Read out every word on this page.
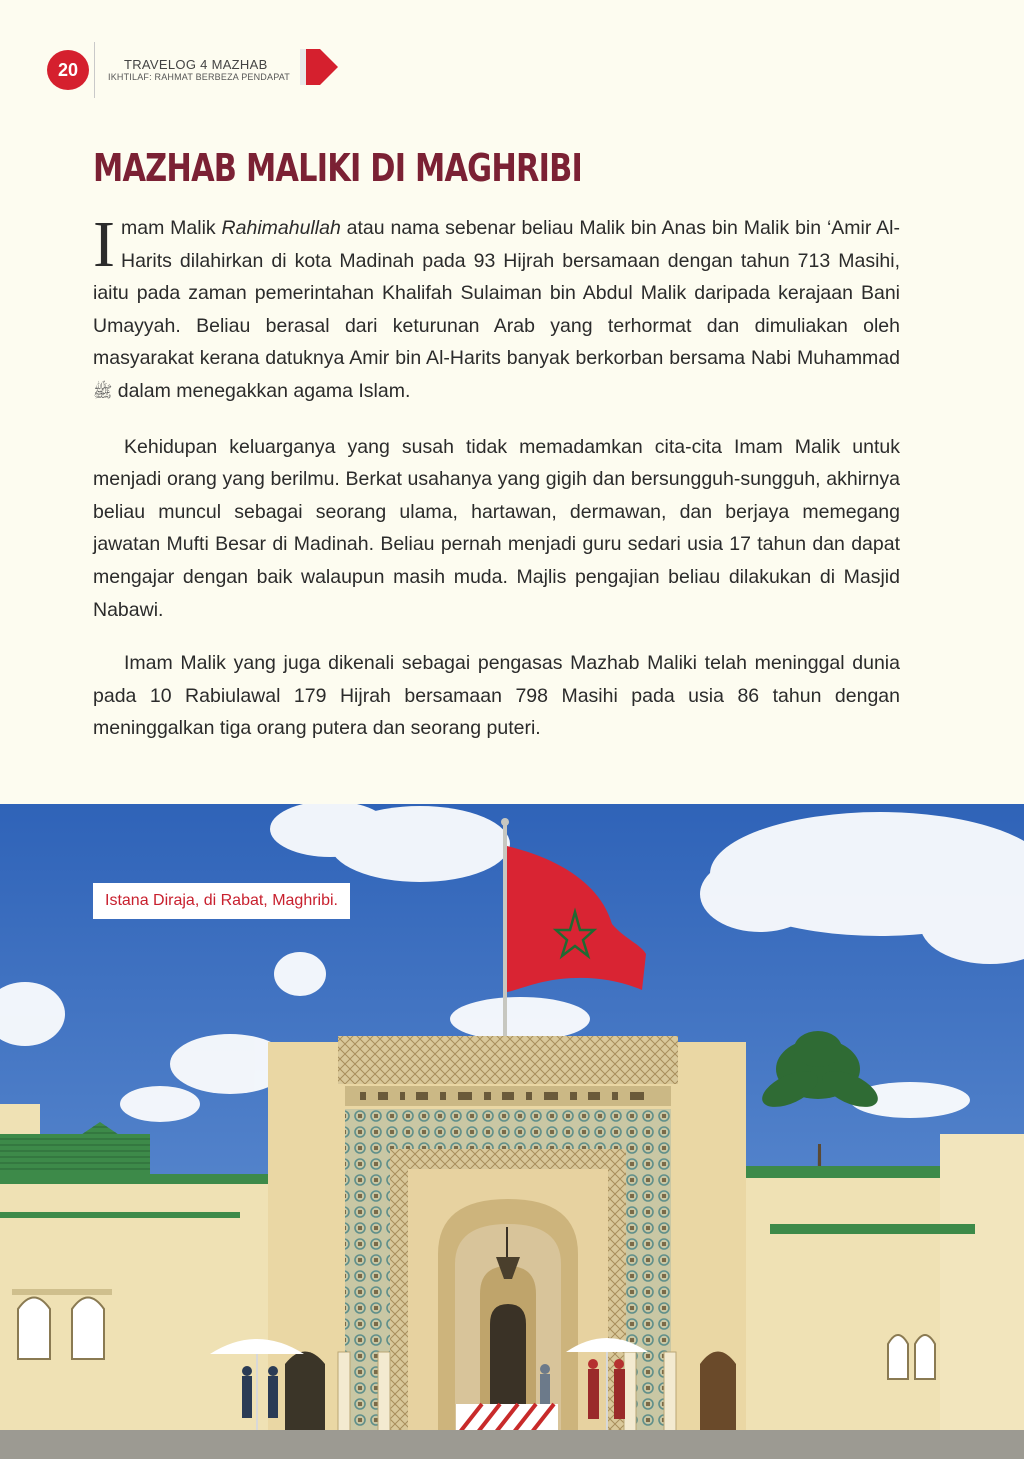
20	TRAVELOG 4 MAZHAB
IKHTILAF: RAHMAT BERBEZA PENDAPAT
MAZHAB MALIKI DI MAGHRIBI

Imam Malik Rahimahullah atau nama sebenar beliau Malik bin Anas bin Malik bin ‘Amir Al-Harits dilahirkan di kota Madinah pada 93 Hijrah bersamaan dengan tahun 713 Masihi, iaitu pada zaman pemerintahan Khalifah Sulaiman bin Abdul Malik daripada kerajaan Bani Umayyah. Beliau berasal dari keturunan Arab yang terhormat dan dimuliakan oleh masyarakat kerana datuknya Amir bin Al-Harits banyak berkorban bersama Nabi Muhammad ﷺ dalam menegakkan agama Islam.

Kehidupan keluarganya yang susah tidak memadamkan cita-cita Imam Malik untuk menjadi orang yang berilmu. Berkat usahanya yang gigih dan bersungguh-sungguh, akhirnya beliau muncul sebagai seorang ulama, hartawan, dermawan, dan berjaya memegang jawatan Mufti Besar di Madinah. Beliau pernah menjadi guru sedari usia 17 tahun dan dapat mengajar dengan baik walaupun masih muda. Majlis pengajian beliau dilakukan di Masjid Nabawi.

Imam Malik yang juga dikenali sebagai pengasas Mazhab Maliki telah meninggal dunia pada 10 Rabiulawal 179 Hijrah bersamaan 798 Masihi pada usia 86 tahun dengan meninggalkan tiga orang putera dan seorang puteri.

Istana Diraja, di Rabat, Maghribi.
